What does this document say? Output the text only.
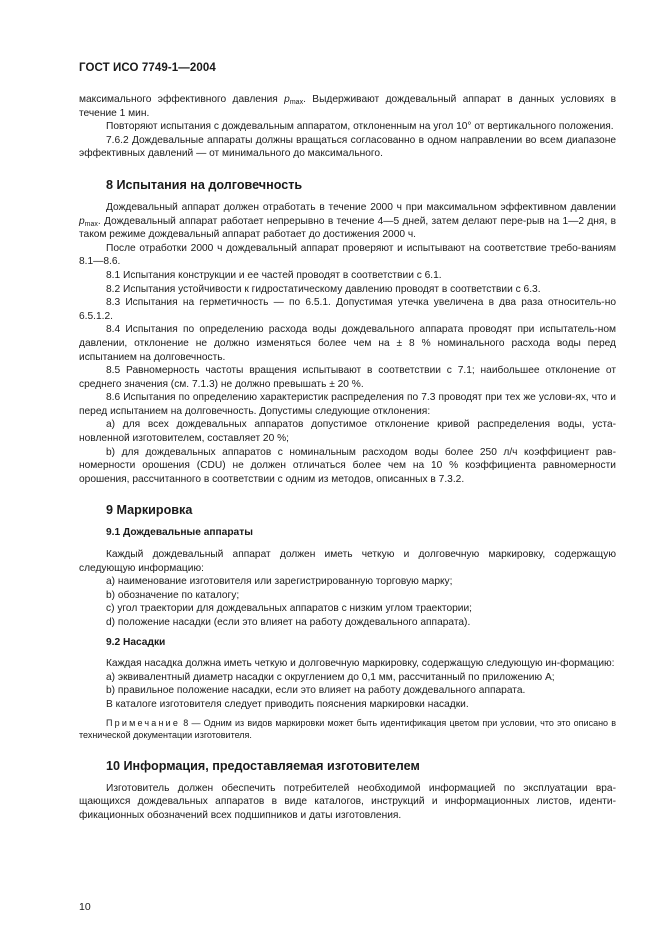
ГОСТ ИСО 7749-1—2004

максимального эффективного давления $p_{max}$. Выдерживают дождевальный аппарат в данных условиях в течение 1 мин.

Повторяют испытания с дождевальным аппаратом, отклоненным на угол 10° от вертикального положения.

7.6.2 Дождевальные аппараты должны вращаться согласованно в одном направлении во всем диапазоне эффективных давлений — от минимального до максимального.

8 Испытания на долговечность

Дождевальный аппарат должен отработать в течение 2000 ч при максимальном эффективном давлении $p_{max}$. Дождевальный аппарат работает непрерывно в течение 4—5 дней, затем делают пере-рыв на 1—2 дня, в таком режиме дождевальный аппарат работает до достижения 2000 ч.

После отработки 2000 ч дождевальный аппарат проверяют и испытывают на соответствие требо-ваниям 8.1—8.6.

8.1 Испытания конструкции и ее частей проводят в соответствии с 6.1.

8.2 Испытания устойчивости к гидростатическому давлению проводят в соответствии с 6.3.

8.3 Испытания на герметичность — по 6.5.1. Допустимая утечка увеличена в два раза относитель-но 6.5.1.2.

8.4 Испытания по определению расхода воды дождевального аппарата проводят при испытатель-ном давлении, отклонение не должно изменяться более чем на ± 8 % номинального расхода воды перед испытанием на долговечность.

8.5 Равномерность частоты вращения испытывают в соответствии с 7.1; наибольшее отклонение от среднего значения (см. 7.1.3) не должно превышать ± 20 %.

8.6 Испытания по определению характеристик распределения по 7.3 проводят при тех же услови-ях, что и перед испытанием на долговечность. Допустимы следующие отклонения:

а) для всех дождевальных аппаратов допустимое отклонение кривой распределения воды, уста-новленной изготовителем, составляет 20 %;

b) для дождевальных аппаратов с номинальным расходом воды более 250 л/ч коэффициент рав-номерности орошения (CDU) не должен отличаться более чем на 10 % коэффициента равномерности орошения, рассчитанного в соответствии с одним из методов, описанных в 7.3.2.

9 Маркировка

9.1 Дождевальные аппараты

Каждый дождевальный аппарат должен иметь четкую и долговечную маркировку, содержащую следующую информацию:

а) наименование изготовителя или зарегистрированную торговую марку;

b) обозначение по каталогу;

с) угол траектории для дождевальных аппаратов с низким углом траектории;

d) положение насадки (если это влияет на работу дождевального аппарата).

9.2 Насадки

Каждая насадка должна иметь четкую и долговечную маркировку, содержащую следующую ин-формацию:

а) эквивалентный диаметр насадки с округлением до 0,1 мм, рассчитанный по приложению А;

b) правильное положение насадки, если это влияет на работу дождевального аппарата.

В каталоге изготовителя следует приводить пояснения маркировки насадки.

Примечание 8 — Одним из видов маркировки может быть идентификация цветом при условии, что это описано в технической документации изготовителя.

10 Информация, предоставляемая изготовителем

Изготовитель должен обеспечить потребителей необходимой информацией по эксплуатации вра-щающихся дождевальных аппаратов в виде каталогов, инструкций и информационных листов, иденти-фикационных обозначений всех подшипников и даты изготовления.

10
